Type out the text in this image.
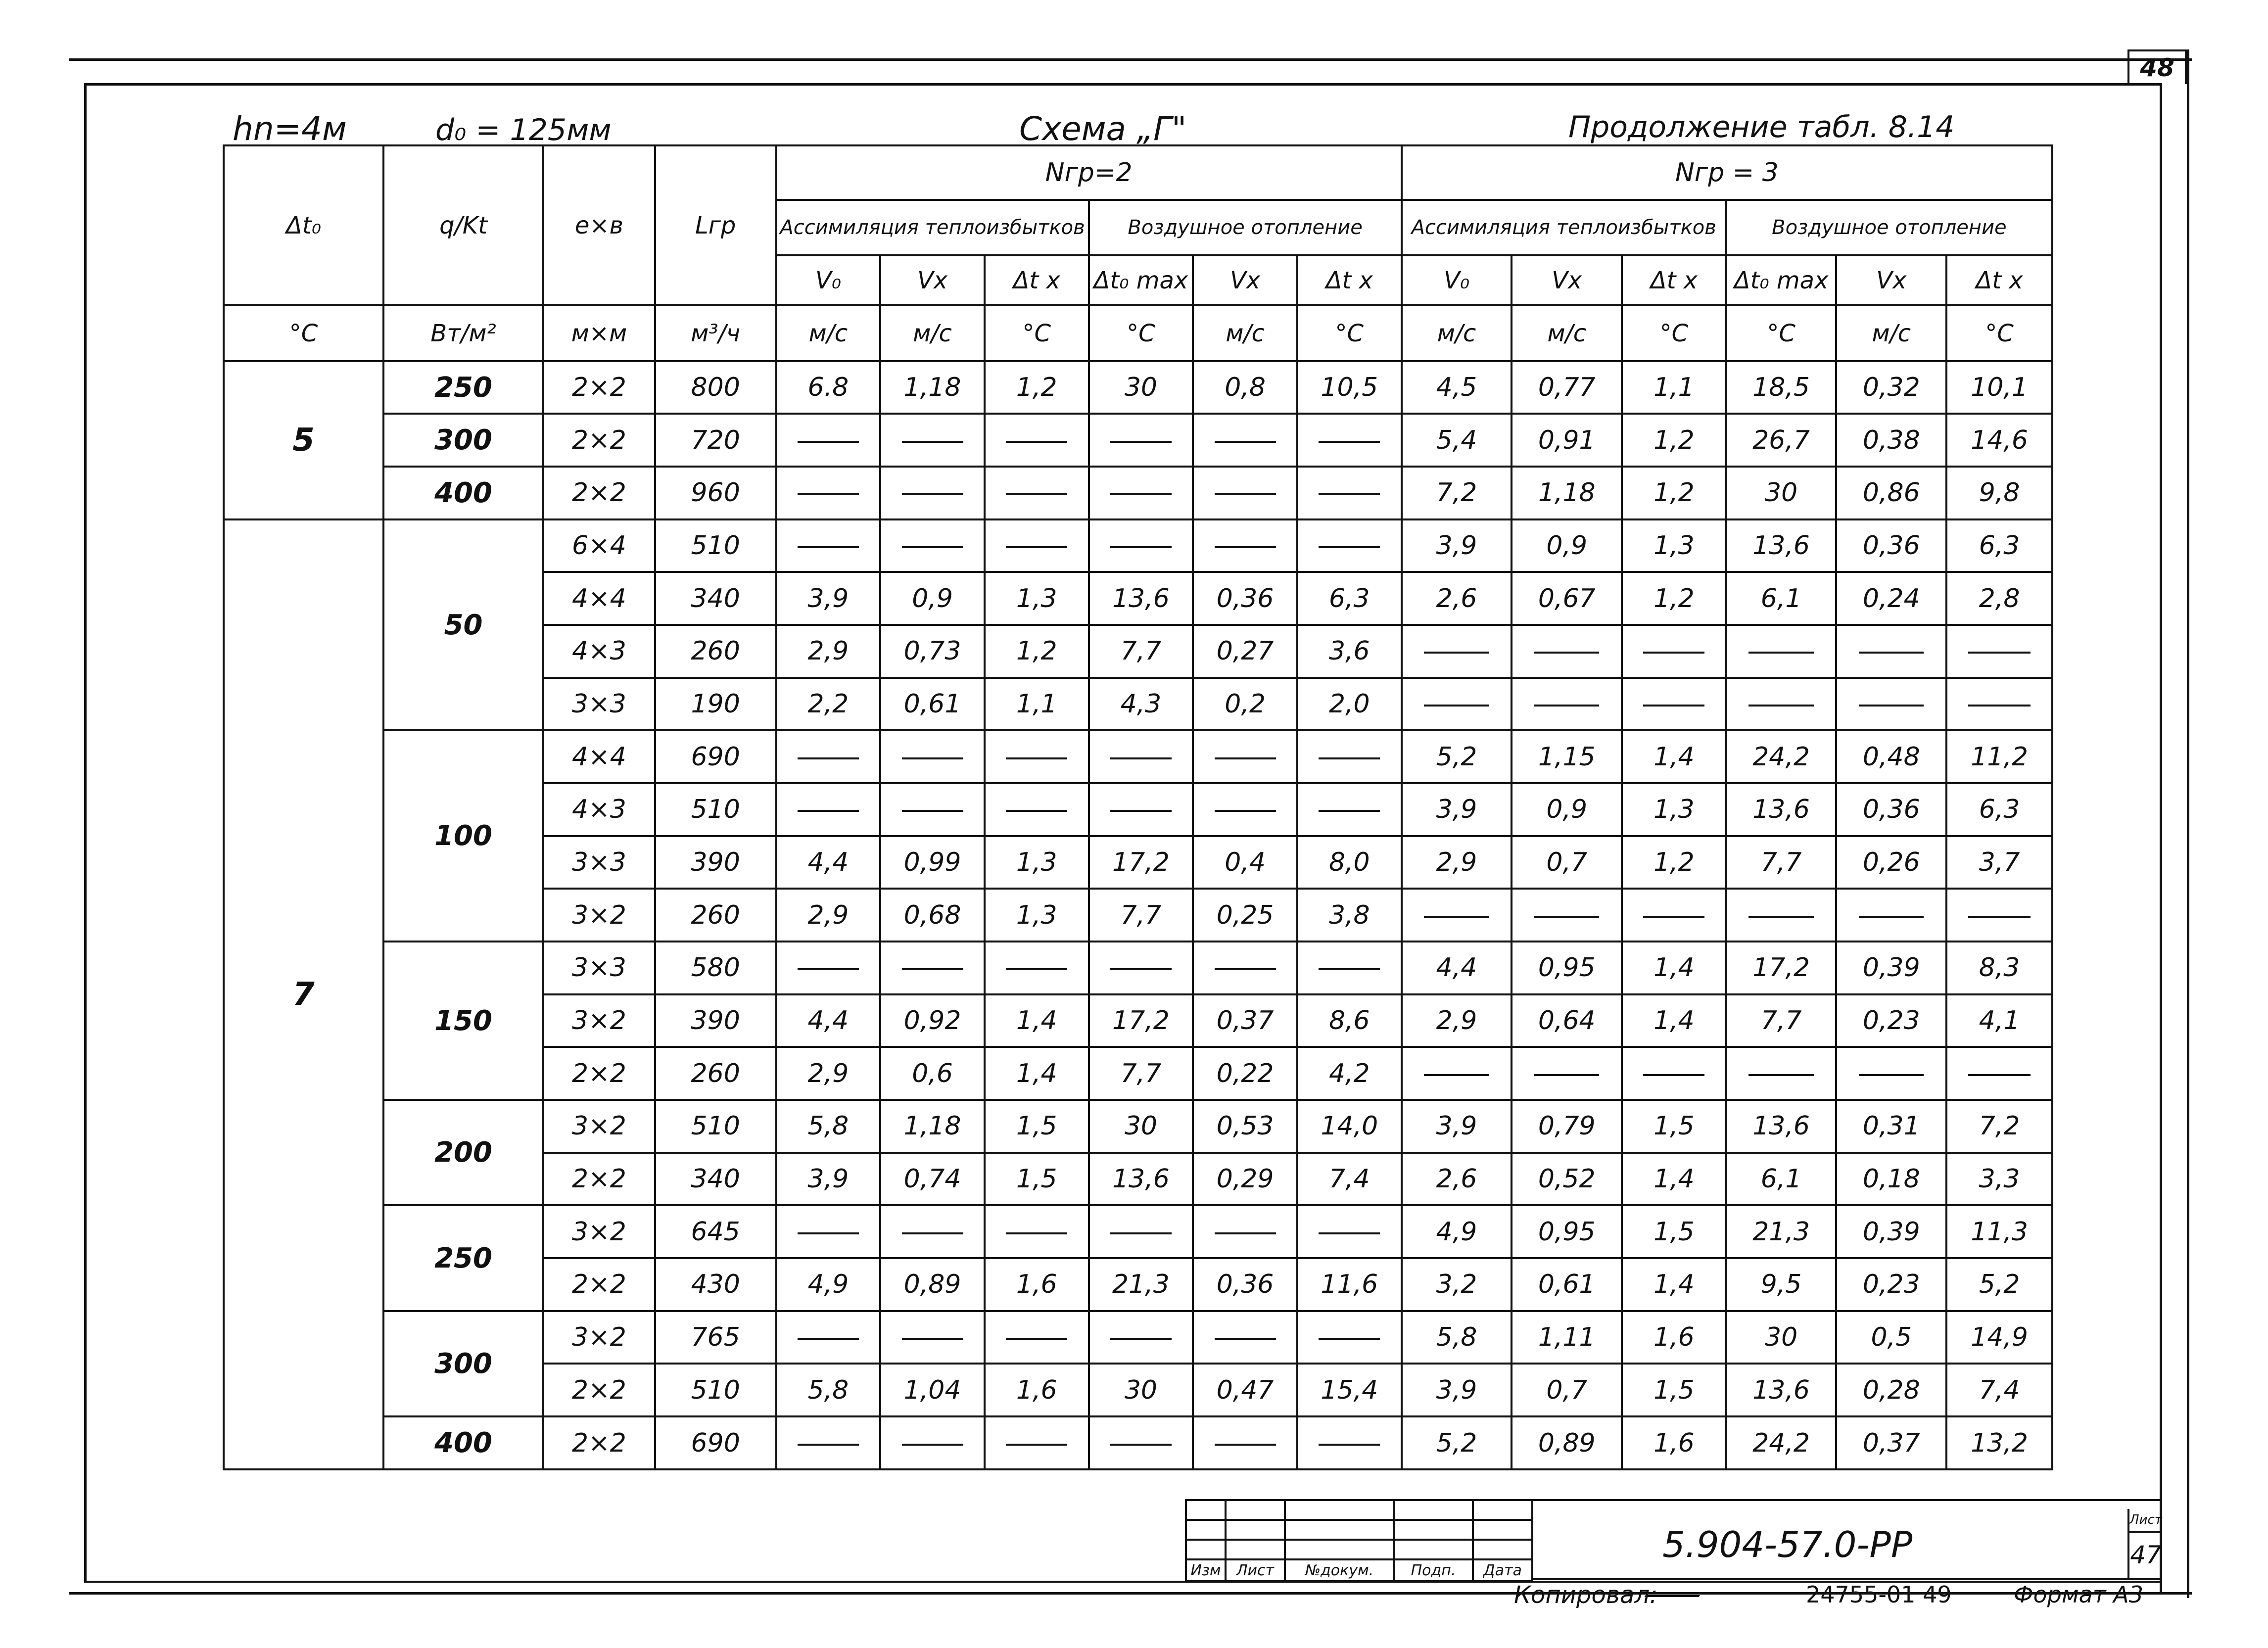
48
hn=4м	d₀ = 125мм	Схема „Г"	Продолжение табл. 8.14
Δt₀	q/Kt	e×в	Lгр	Nгр=2						Nгр = 3					
				Ассимиляция теплоизбытков			Воздушное отопление			Ассимиляция теплоизбытков			Воздушное отопление		
				V₀	Vх	Δt х	Δt₀ max	Vх	Δt х	V₀	Vх	Δt х	Δt₀ max	Vх	Δt х
°С	Вт/м²	м×м	м³/ч	м/с	м/с	°С	°С	м/с	°С	м/с	м/с	°С	°С	м/с	°С
5	250	2×2	800	6.8	1,18	1,2	30	0,8	10,5	4,5	0,77	1,1	18,5	0,32	10,1
	300	2×2	720							5,4	0,91	1,2	26,7	0,38	14,6
	400	2×2	960							7,2	1,18	1,2	30	0,86	9,8
7	50	6×4	510							3,9	0,9	1,3	13,6	0,36	6,3
		4×4	340	3,9	0,9	1,3	13,6	0,36	6,3	2,6	0,67	1,2	6,1	0,24	2,8
		4×3	260	2,9	0,73	1,2	7,7	0,27	3,6						
		3×3	190	2,2	0,61	1,1	4,3	0,2	2,0						
	100	4×4	690							5,2	1,15	1,4	24,2	0,48	11,2
		4×3	510							3,9	0,9	1,3	13,6	0,36	6,3
		3×3	390	4,4	0,99	1,3	17,2	0,4	8,0	2,9	0,7	1,2	7,7	0,26	3,7
		3×2	260	2,9	0,68	1,3	7,7	0,25	3,8						
	150	3×3	580							4,4	0,95	1,4	17,2	0,39	8,3
		3×2	390	4,4	0,92	1,4	17,2	0,37	8,6	2,9	0,64	1,4	7,7	0,23	4,1
		2×2	260	2,9	0,6	1,4	7,7	0,22	4,2						
	200	3×2	510	5,8	1,18	1,5	30	0,53	14,0	3,9	0,79	1,5	13,6	0,31	7,2
		2×2	340	3,9	0,74	1,5	13,6	0,29	7,4	2,6	0,52	1,4	6,1	0,18	3,3
	250	3×2	645							4,9	0,95	1,5	21,3	0,39	11,3
		2×2	430	4,9	0,89	1,6	21,3	0,36	11,6	3,2	0,61	1,4	9,5	0,23	5,2
	300	3×2	765							5,8	1,11	1,6	30	0,5	14,9
		2×2	510	5,8	1,04	1,6	30	0,47	15,4	3,9	0,7	1,5	13,6	0,28	7,4
	400	2×2	690							5,2	0,89	1,6	24,2	0,37	13,2

Изм	Лист	№докум.	Подп.	Дата
5.904-57.0-РР
Лист
47
Копировал:	24755-01 49	Формат А3
